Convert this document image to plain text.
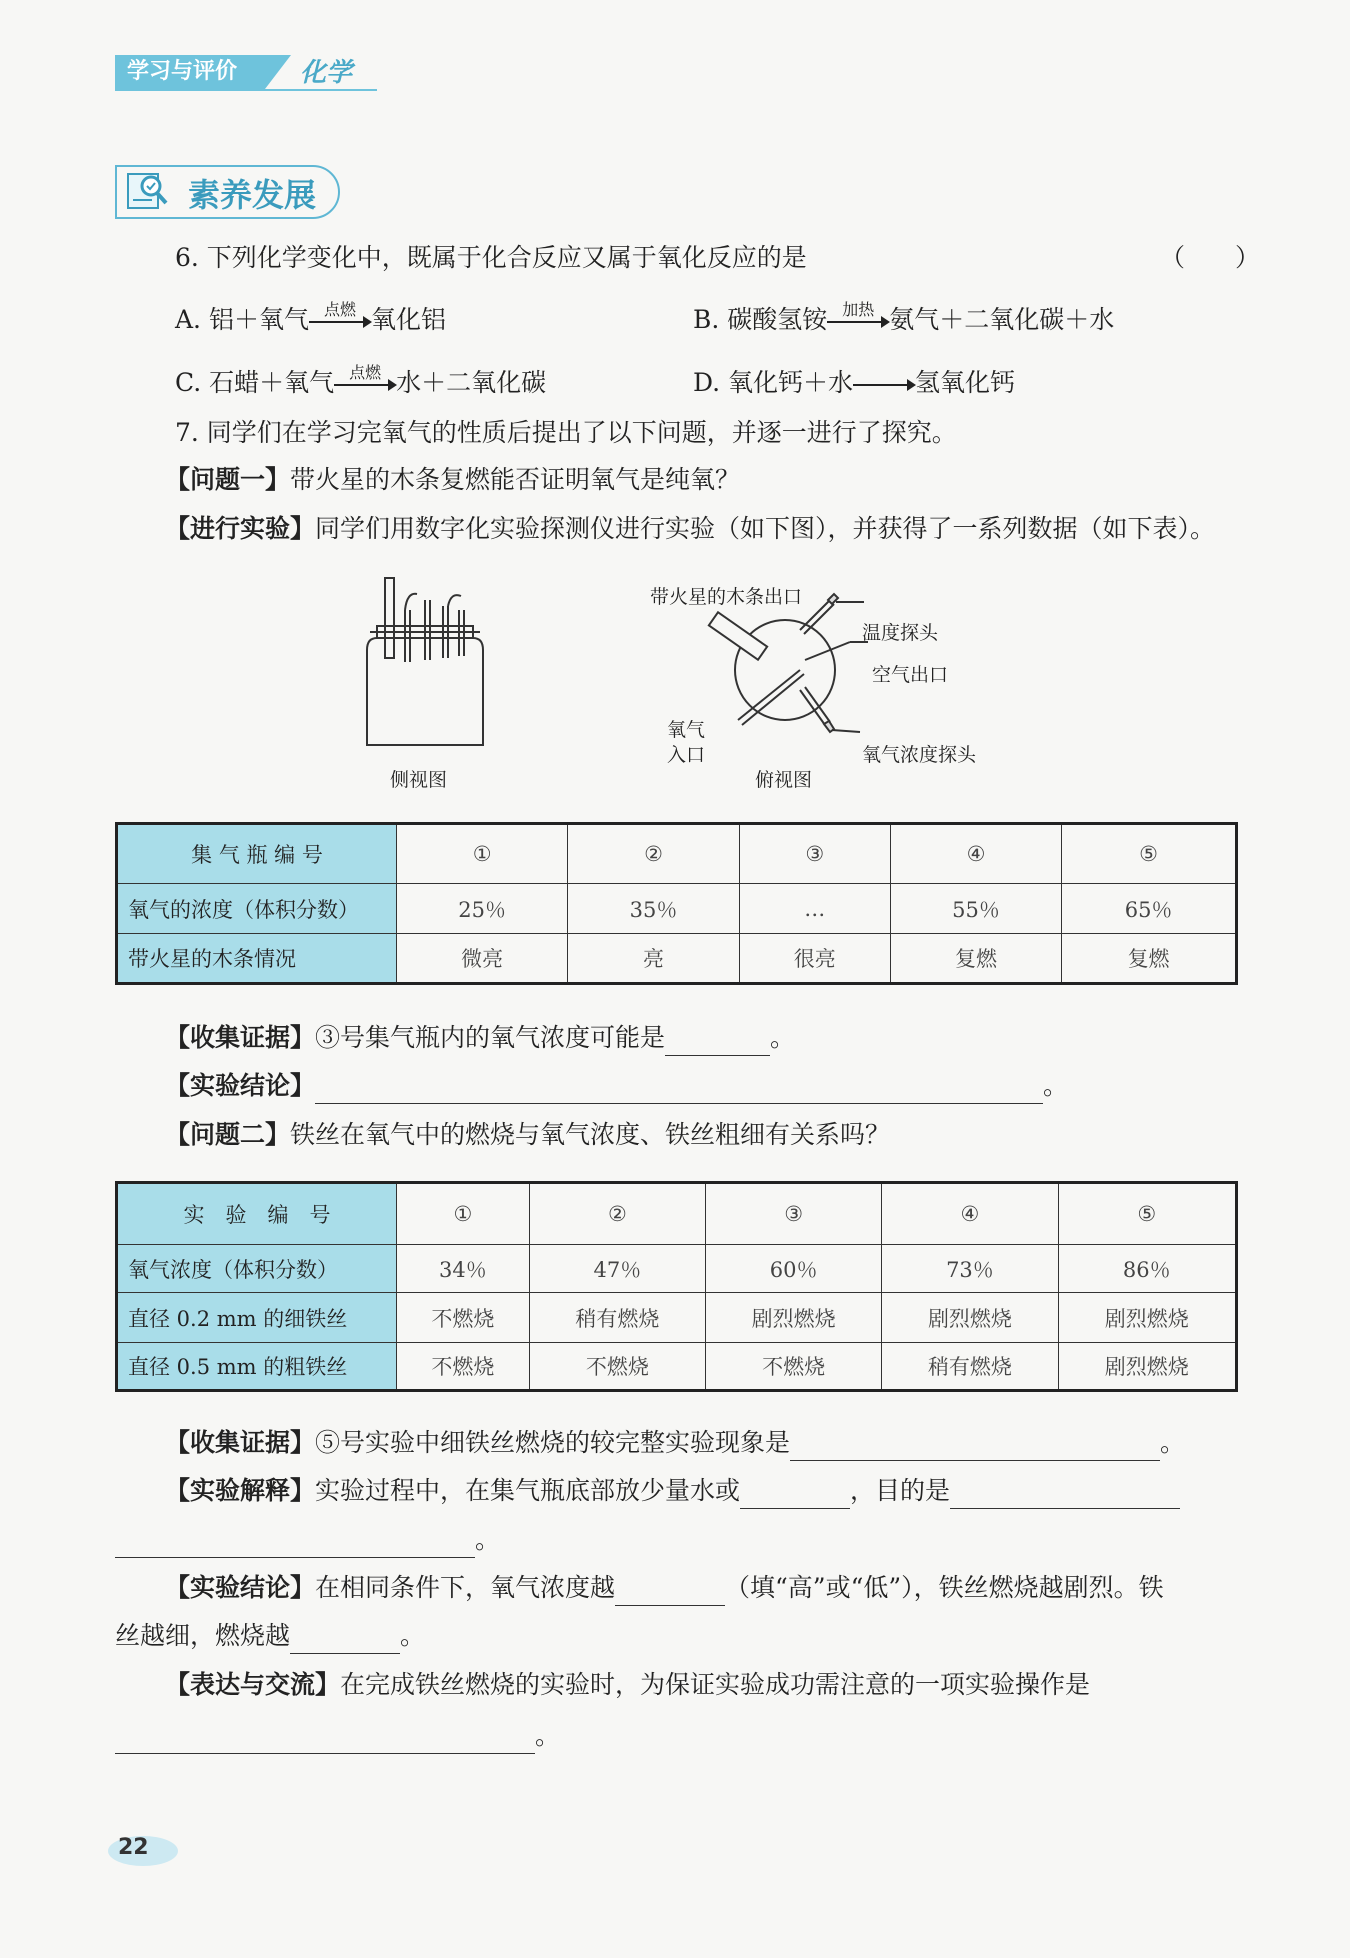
学习与评价	化学
素养发展
6. 下列化学变化中，既属于化合反应又属于氧化反应的是	（　　）
A. 铝＋氧气 点燃 氧化铝	B. 碳酸氢铵 加热 氨气＋二氧化碳＋水
C. 石蜡＋氧气 点燃 水＋二氧化碳	D. 氧化钙＋水 氢氧化钙
7. 同学们在学习完氧气的性质后提出了以下问题，并逐一进行了探究。
【问题一】带火星的木条复燃能否证明氧气是纯氧？
【进行实验】同学们用数字化实验探测仪进行实验（如下图），并获得了一系列数据（如下表）。
侧视图
带火星的木条出口
温度探头
空气出口
氧气
入口	氧气浓度探头
俯视图
集 气 瓶 编 号	①	②	③	④	⑤
氧气的浓度（体积分数）	25％	35％	…	55％	65％
带火星的木条情况	微亮	亮	很亮	复燃	复燃
【收集证据】③号集气瓶内的氧气浓度可能是	。
【实验结论】	。
【问题二】铁丝在氧气中的燃烧与氧气浓度、铁丝粗细有关系吗？
实　验　编　号	①	②	③	④	⑤
氧气浓度（体积分数）	34％	47％	60％	73％	86％
直径 0.2 mm 的细铁丝	不燃烧	稍有燃烧	剧烈燃烧	剧烈燃烧	剧烈燃烧
直径 0.5 mm 的粗铁丝	不燃烧	不燃烧	不燃烧	稍有燃烧	剧烈燃烧
【收集证据】⑤号实验中细铁丝燃烧的较完整实验现象是	。
【实验解释】实验过程中，在集气瓶底部放少量水或	，目的是
。
【实验结论】在相同条件下，氧气浓度越	（填“高”或“低”），铁丝燃烧越剧烈。铁
丝越细，燃烧越	。
【表达与交流】在完成铁丝燃烧的实验时，为保证实验成功需注意的一项实验操作是
。
22
